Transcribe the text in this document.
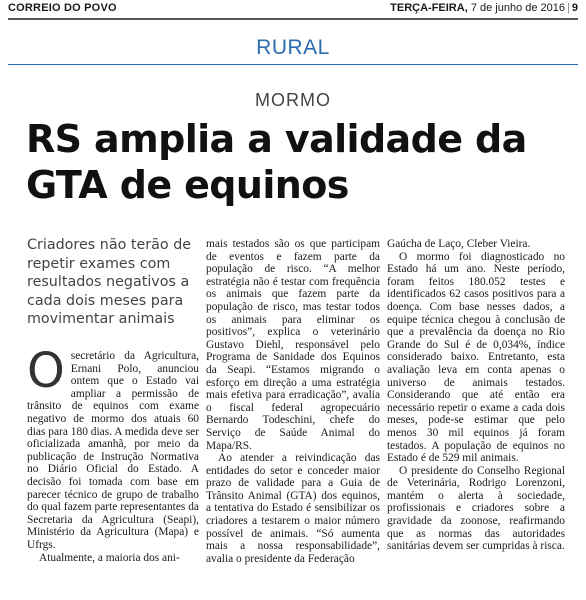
CORREIO DO POVO	TERÇA-FEIRA, 7 de junho de 2016 | 9
RURAL
MORMO
RS amplia a validade da GTA de equinos
Criadores não terão de repetir exames com resultados negativos a cada dois meses para movimentar animais
O secretário da Agricultura, Ernani Polo, anunciou ontem que o Estado vai ampliar a permissão de trânsito de equinos com exame negativo de mormo dos atuais 60 dias para 180 dias. A medida deve ser oficializada amanhã, por meio da publicação de Instrução Normativa no Diário Oficial do Estado. A decisão foi tomada com base em parecer técnico de grupo de trabalho do qual fazem parte representantes da Secretaria da Agricultura (Seapi), Ministério da Agricultura (Mapa) e Ufrgs.

Atualmente, a maioria dos ani-

mais testados são os que participam de eventos e fazem parte da população de risco. “A melhor estratégia não é testar com frequência os animais que fazem parte da população de risco, mas testar todos os animais para eliminar os positivos”, explica o veterinário Gustavo Diehl, responsável pelo Programa de Sanidade dos Equinos da Seapi. “Estamos migrando o esforço em direção a uma estratégia mais efetiva para erradicação”, avalia o fiscal federal agropecuário Bernardo Todeschini, chefe do Serviço de Saúde Animal do Mapa/RS.

Ao atender a reivindicação das entidades do setor e conceder maior prazo de validade para a Guia de Trânsito Animal (GTA) dos equinos, a tentativa do Estado é sensibilizar os criadores a testarem o maior número possível de animais. “Só aumenta mais a nossa responsabilidade”, avalia o presidente da Federação

Gaúcha de Laço, Cleber Vieira.

O mormo foi diagnosticado no Estado há um ano. Neste período, foram feitos 180.052 testes e identificados 62 casos positivos para a doença. Com base nesses dados, a equipe técnica chegou à conclusão de que a prevalência da doença no Rio Grande do Sul é de 0,034%, índice considerado baixo. Entretanto, esta avaliação leva em conta apenas o universo de animais testados. Considerando que até então era necessário repetir o exame a cada dois meses, pode-se estimar que pelo menos 30 mil equinos já foram testados. A população de equinos no Estado é de 529 mil animais.

O presidente do Conselho Regional de Veterinária, Rodrigo Lorenzoni, mantém o alerta à sociedade, profissionais e criadores sobre a gravidade da zoonose, reafirmando que as normas das autoridades sanitárias devem ser cumpridas à risca.
